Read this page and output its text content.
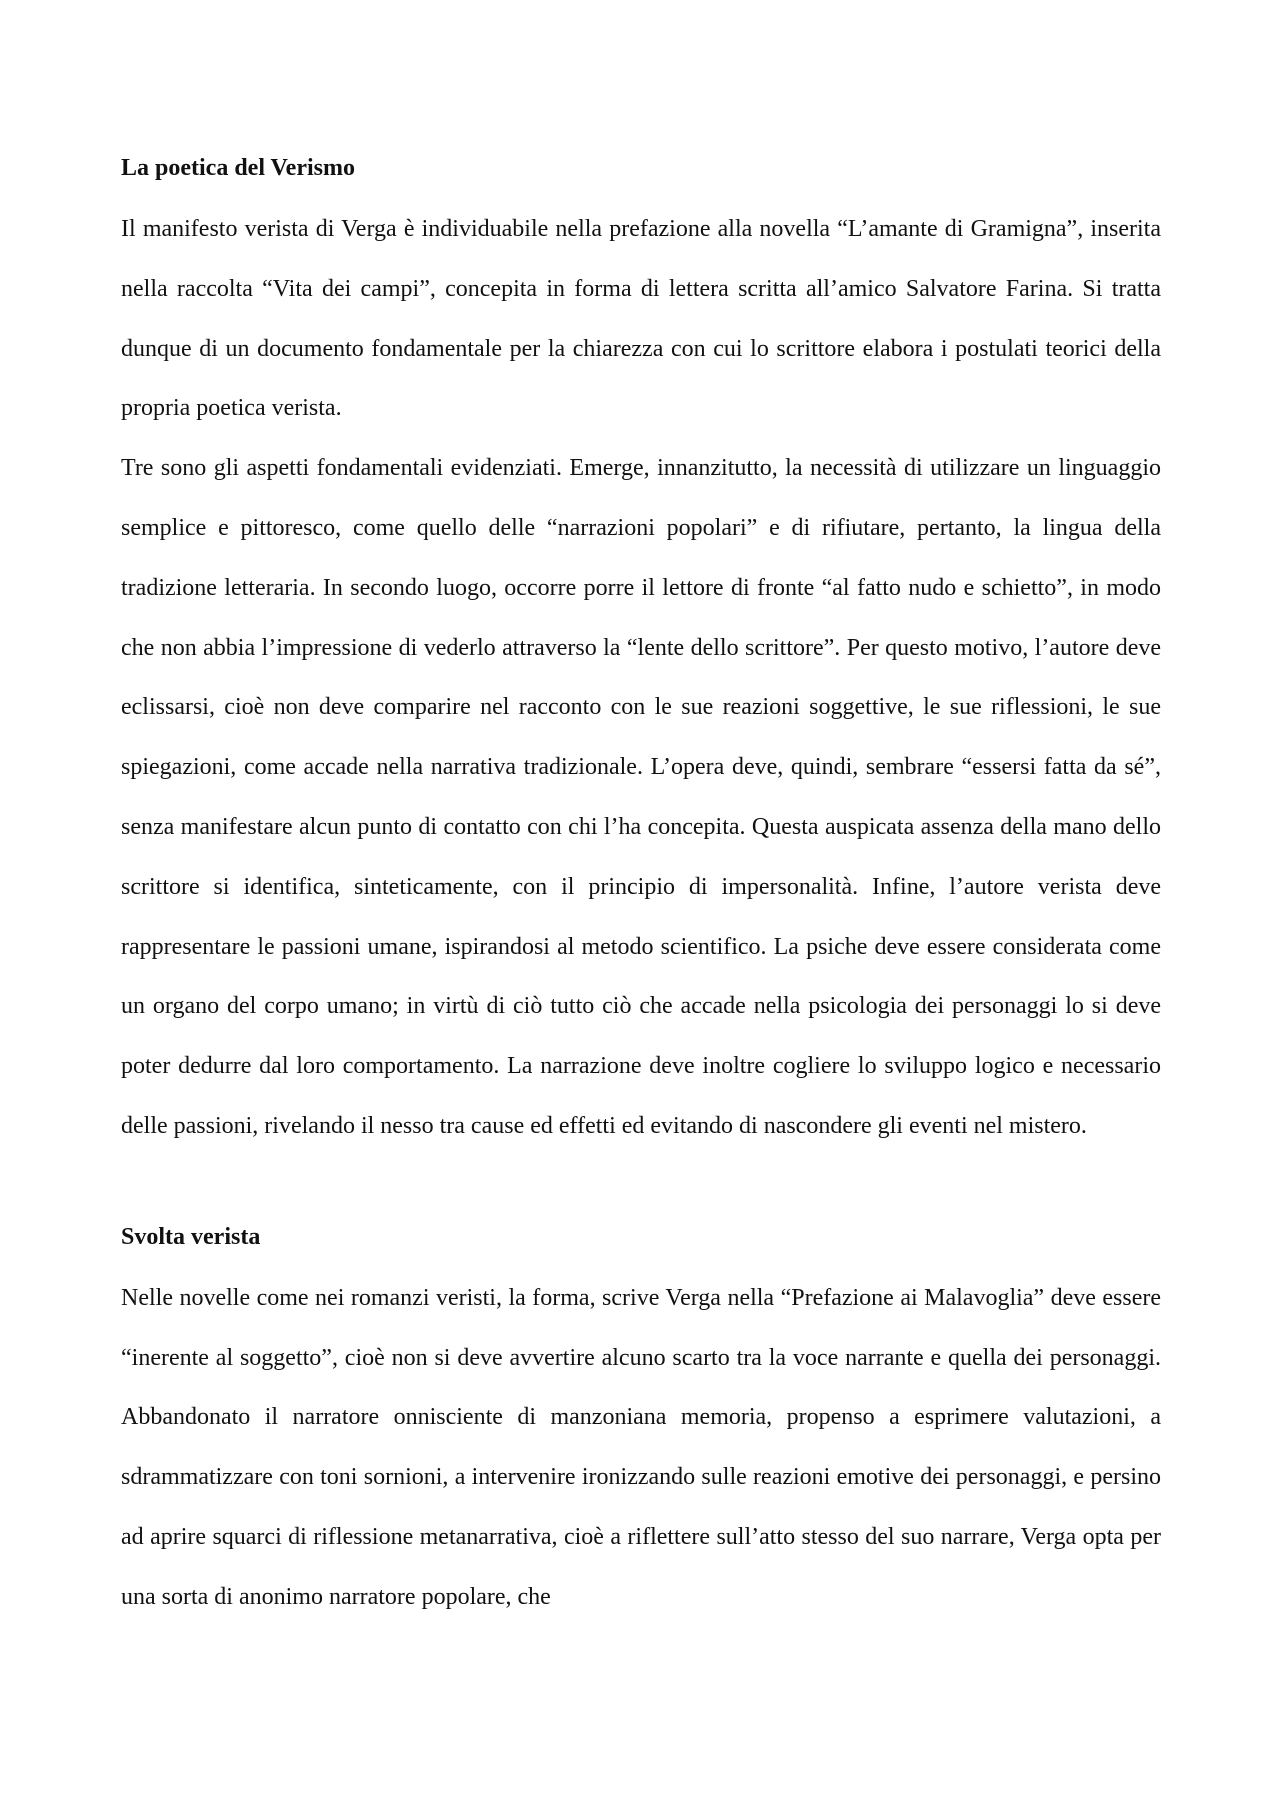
La poetica del Verismo

Il manifesto verista di Verga è individuabile nella prefazione alla novella “L’amante di Gramigna”, inserita nella raccolta “Vita dei campi”, concepita in forma di lettera scritta all’amico Salvatore Farina. Si tratta dunque di un documento fondamentale per la chiarezza con cui lo scrittore elabora i postulati teorici della propria poetica verista.

Tre sono gli aspetti fondamentali evidenziati. Emerge, innanzitutto, la necessità di utilizzare un linguaggio semplice e pittoresco, come quello delle “narrazioni popolari” e di rifiutare, pertanto, la lingua della tradizione letteraria. In secondo luogo, occorre porre il lettore di fronte “al fatto nudo e schietto”, in modo che non abbia l’impressione di vederlo attraverso la “lente dello scrittore”. Per questo motivo, l’autore deve eclissarsi, cioè non deve comparire nel racconto con le sue reazioni soggettive, le sue riflessioni, le sue spiegazioni, come accade nella narrativa tradizionale. L’opera deve, quindi, sembrare “essersi fatta da sé”, senza manifestare alcun punto di contatto con chi l’ha concepita. Questa auspicata assenza della mano dello scrittore si identifica, sinteticamente, con il principio di impersonalità. Infine, l’autore verista deve rappresentare le passioni umane, ispirandosi al metodo scientifico. La psiche deve essere considerata come un organo del corpo umano; in virtù di ciò tutto ciò che accade nella psicologia dei personaggi lo si deve poter dedurre dal loro comportamento. La narrazione deve inoltre cogliere lo sviluppo logico e necessario delle passioni, rivelando il nesso tra cause ed effetti ed evitando di nascondere gli eventi nel mistero.

Svolta verista

Nelle novelle come nei romanzi veristi, la forma, scrive Verga nella “Prefazione ai Malavoglia” deve essere “inerente al soggetto”, cioè non si deve avvertire alcuno scarto tra la voce narrante e quella dei personaggi. Abbandonato il narratore onnisciente di manzoniana memoria, propenso a esprimere valutazioni, a sdrammatizzare con toni sornioni, a intervenire ironizzando sulle reazioni emotive dei personaggi, e persino ad aprire squarci di riflessione metanarrativa, cioè a riflettere sull’atto stesso del suo narrare, Verga opta per una sorta di anonimo narratore popolare, che
